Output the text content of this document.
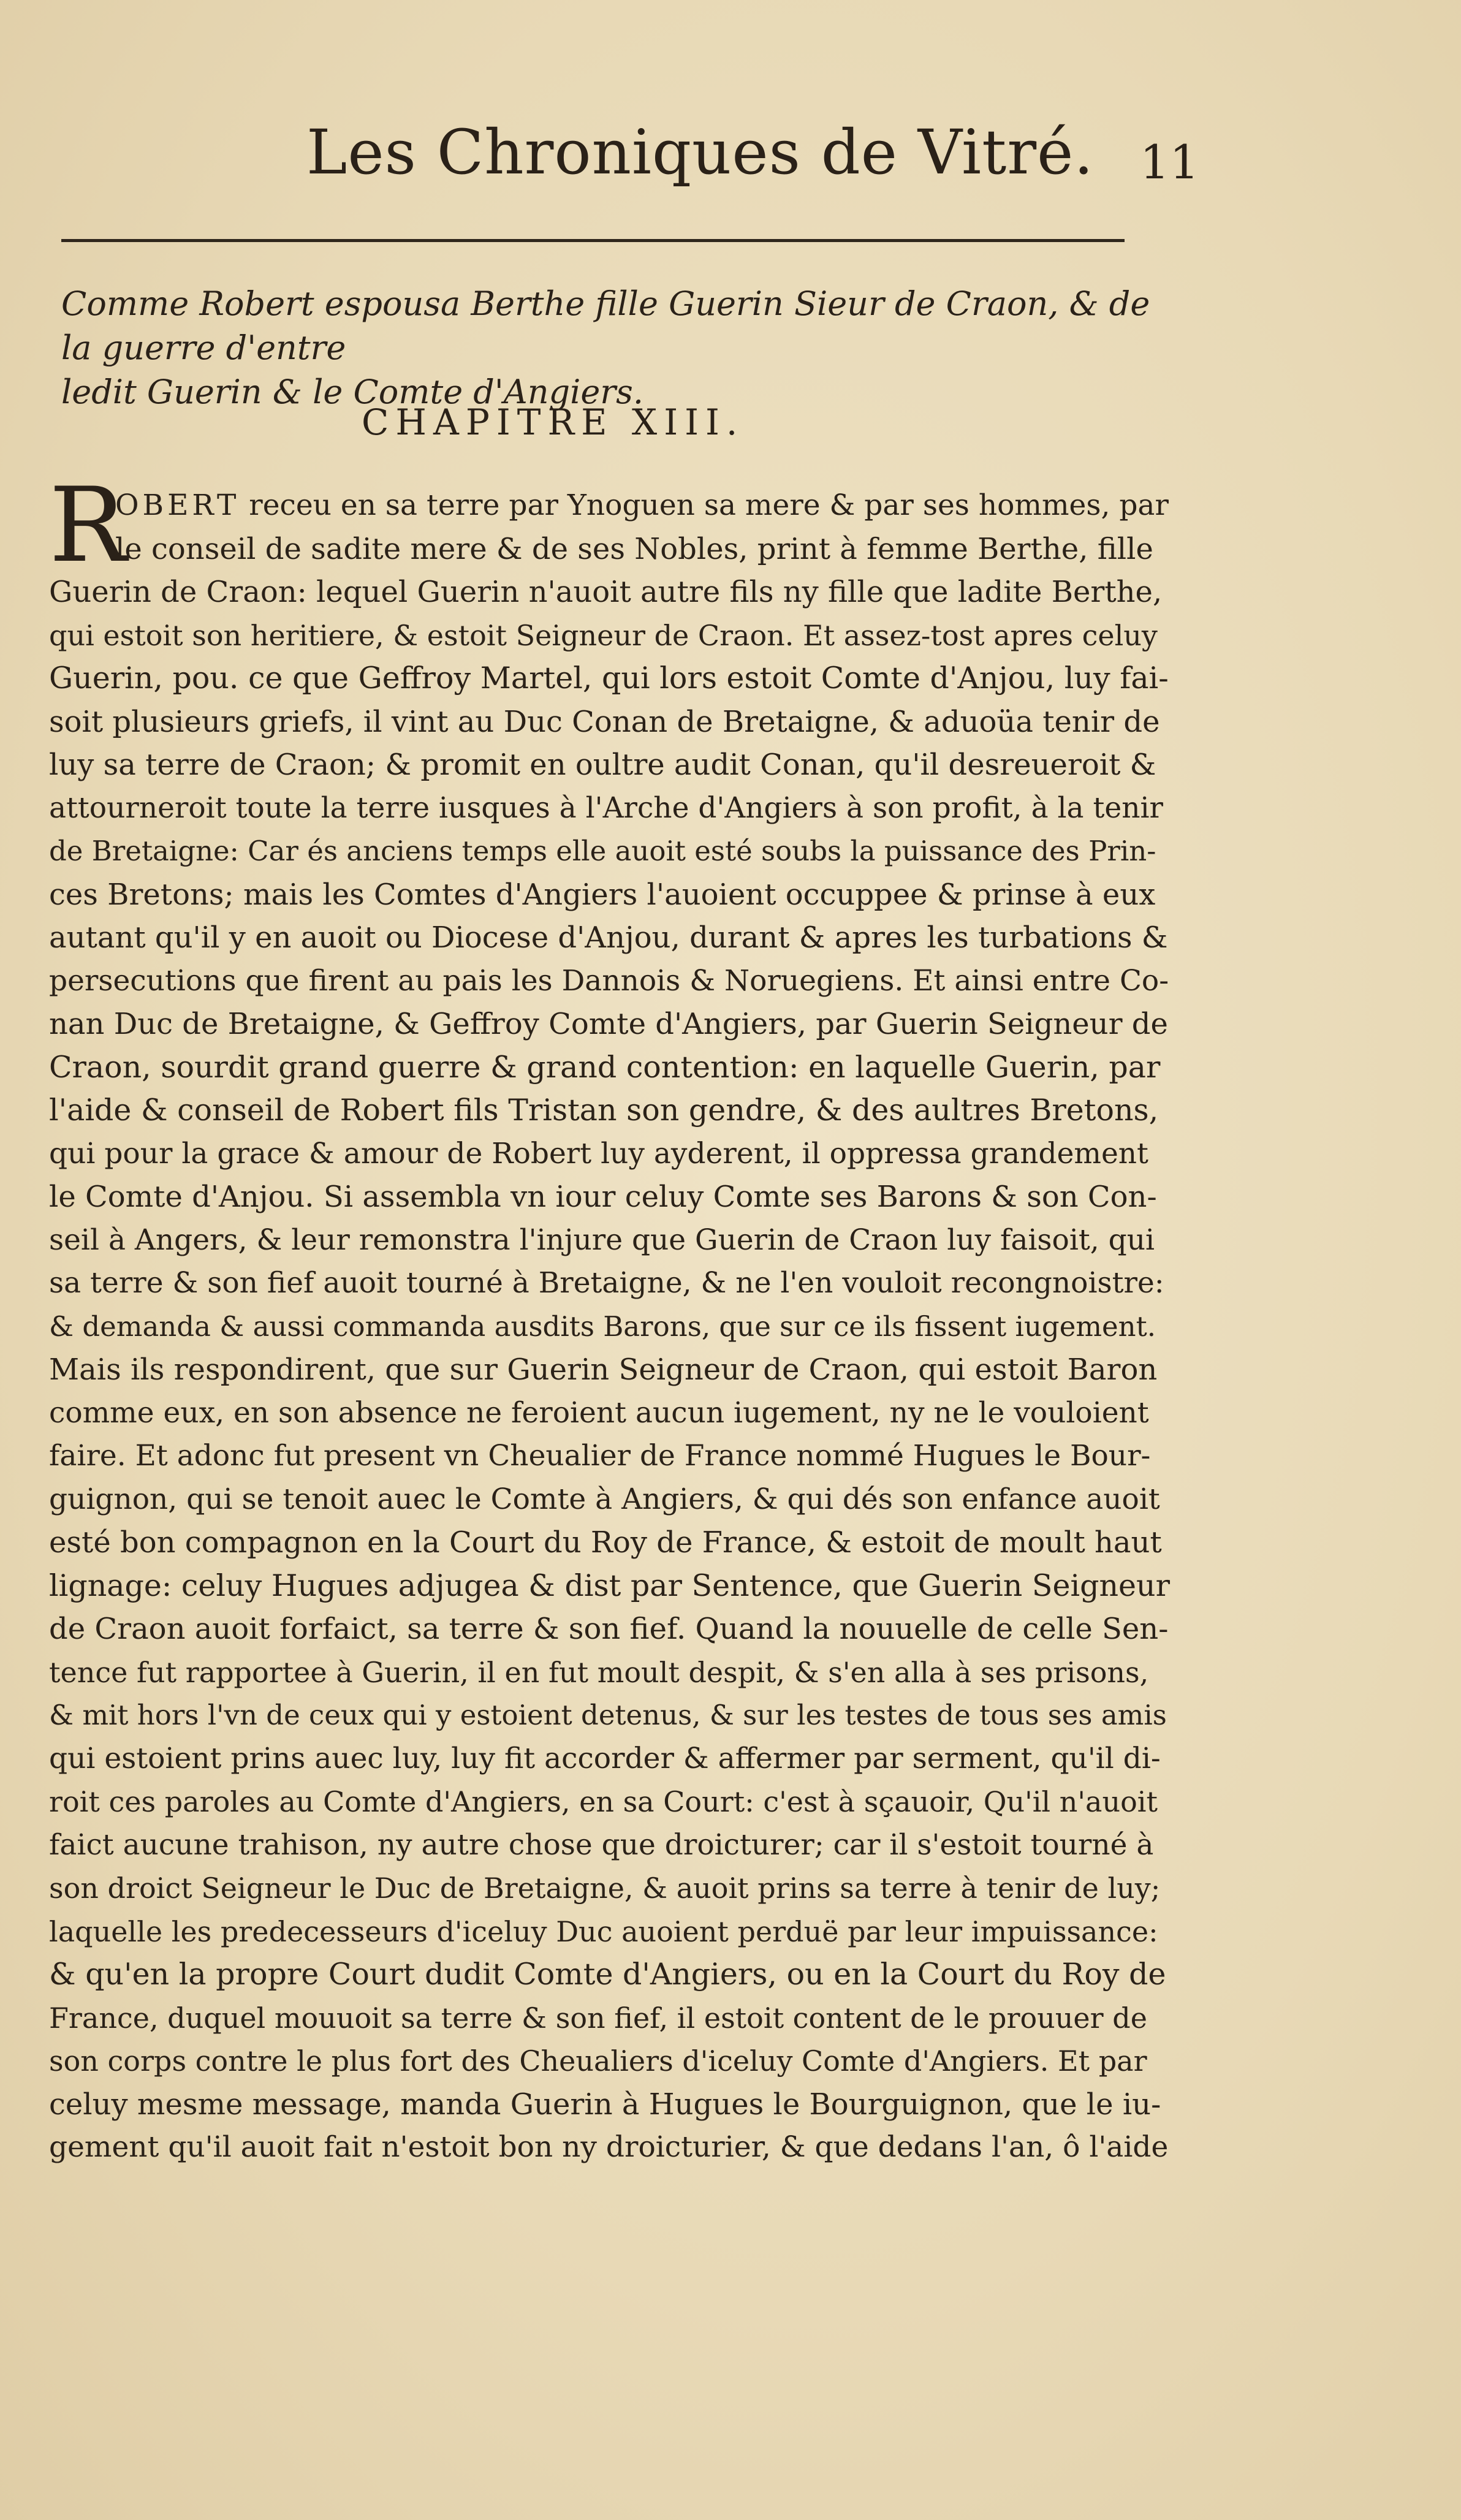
Les Chroniques de Vitré. 11
Comme Robert espousa Berthe fille Guerin Sieur de Craon, & de la guerre d'entre
ledit Guerin & le Comte d'Angiers.
CHAPITRE XIII.
R
OBERT receu en sa terre par Ynoguen sa mere & par ses hommes, par
le conseil de sadite mere & de ses Nobles, print à femme Berthe, fille
Guerin de Craon: lequel Guerin n'auoit autre fils ny fille que ladite Berthe,
qui estoit son heritiere, & estoit Seigneur de Craon. Et assez-tost apres celuy
Guerin, pou. ce que Geffroy Martel, qui lors estoit Comte d'Anjou, luy fai-
soit plusieurs griefs, il vint au Duc Conan de Bretaigne, & aduoüa tenir de
luy sa terre de Craon; & promit en oultre audit Conan, qu'il desreueroit &
attourneroit toute la terre iusques à l'Arche d'Angiers à son profit, à la tenir
de Bretaigne: Car és anciens temps elle auoit esté soubs la puissance des Prin-
ces Bretons; mais les Comtes d'Angiers l'auoient occuppee & prinse à eux
autant qu'il y en auoit ou Diocese d'Anjou, durant & apres les turbations &
persecutions que firent au pais les Dannois & Noruegiens. Et ainsi entre Co-
nan Duc de Bretaigne, & Geffroy Comte d'Angiers, par Guerin Seigneur de
Craon, sourdit grand guerre & grand contention: en laquelle Guerin, par
l'aide & conseil de Robert fils Tristan son gendre, & des aultres Bretons,
qui pour la grace & amour de Robert luy ayderent, il oppressa grandement
le Comte d'Anjou. Si assembla vn iour celuy Comte ses Barons & son Con-
seil à Angers, & leur remonstra l'injure que Guerin de Craon luy faisoit, qui
sa terre & son fief auoit tourné à Bretaigne, & ne l'en vouloit recongnoistre:
& demanda & aussi commanda ausdits Barons, que sur ce ils fissent iugement.
Mais ils respondirent, que sur Guerin Seigneur de Craon, qui estoit Baron
comme eux, en son absence ne feroient aucun iugement, ny ne le vouloient
faire. Et adonc fut present vn Cheualier de France nommé Hugues le Bour-
guignon, qui se tenoit auec le Comte à Angiers, & qui dés son enfance auoit
esté bon compagnon en la Court du Roy de France, & estoit de moult haut
lignage: celuy Hugues adjugea & dist par Sentence, que Guerin Seigneur
de Craon auoit forfaict, sa terre & son fief. Quand la nouuelle de celle Sen-
tence fut rapportee à Guerin, il en fut moult despit, & s'en alla à ses prisons,
& mit hors l'vn de ceux qui y estoient detenus, & sur les testes de tous ses amis
qui estoient prins auec luy, luy fit accorder & affermer par serment, qu'il di-
roit ces paroles au Comte d'Angiers, en sa Court: c'est à sçauoir, Qu'il n'auoit
faict aucune trahison, ny autre chose que droicturer; car il s'estoit tourné à
son droict Seigneur le Duc de Bretaigne, & auoit prins sa terre à tenir de luy;
laquelle les predecesseurs d'iceluy Duc auoient perduë par leur impuissance:
& qu'en la propre Court dudit Comte d'Angiers, ou en la Court du Roy de
France, duquel mouuoit sa terre & son fief, il estoit content de le prouuer de
son corps contre le plus fort des Cheualiers d'iceluy Comte d'Angiers. Et par
celuy mesme message, manda Guerin à Hugues le Bourguignon, que le iu-
gement qu'il auoit fait n'estoit bon ny droicturier, & que dedans l'an, ô l'aide
